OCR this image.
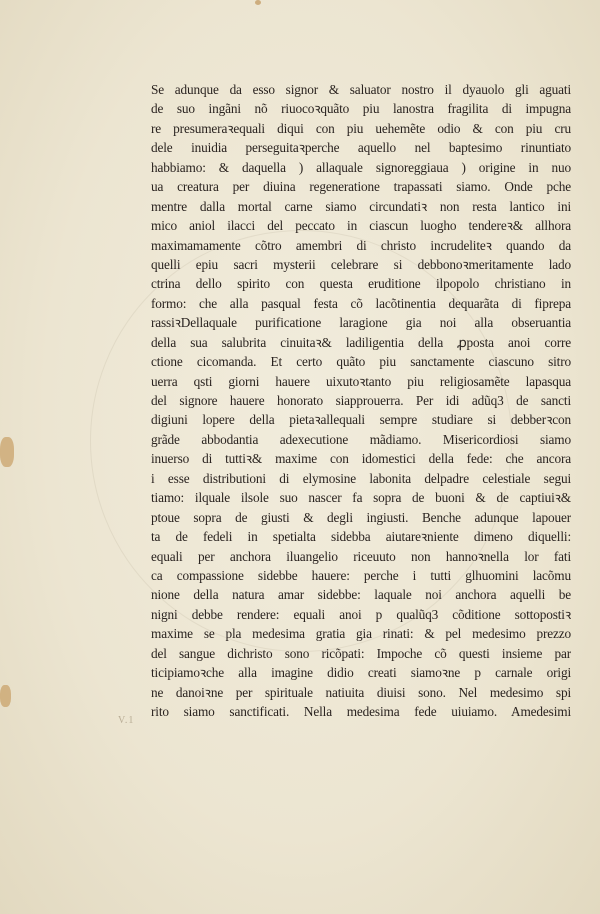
Se adunque da esso signor & saluator nostro il dyauolo gli aguati
de suo ingãni nõ riuocoꝛquãto piu lanostra fragilita di impugna
re presumeraꝛequali diqui con piu uehemẽte odio & con piu cru
dele inuidia perseguitaꝛperche aquello nel baptesimo rinuntiato
habbiamo: & daquella ) allaquale signoreggiaua ) origine in nuo
ua creatura per diuina regeneratione trapassati siamo. Onde pche
mentre dalla mortal carne siamo circundatiꝛ non resta lantico ini
mico aniol ilacci del peccato in ciascun luogho tendereꝛ& allhora
maximamamente cõtro amembri di christo incrudeliteꝛ quando da
quelli epiu sacri mysterii celebrare si debbonoꝛmeritamente lado
ctrina dello spirito con questa eruditione ilpopolo christiano in
formo: che alla pasqual festa cõ lacõtinentia dequarãta di fiprepa
rassiꝛDellaquale purificatione laragione gia noi alla obseruantia
della sua salubrita cinuitaꝛ& ladiligentia della ꝓposta anoi corre
ctione cicomanda. Et certo quãto piu sanctamente ciascuno sitro
uerra qsti giorni hauere uixutoꝛtanto piu religiosamẽte lapasqua
del signore hauere honorato siapprouerra. Per idi adũq3 de sancti
digiuni lopere della pietaꝛallequali sempre studiare si debberꝛcon
grãde abbodantia adexecutione mãdiamo. Misericordiosi siamo
inuerso di tuttiꝛ& maxime con idomestici della fede: che ancora
i esse distributioni di elymosine labonita delpadre celestiale segui
tiamo: ilquale ilsole suo nascer fa sopra de buoni & de captiuiꝛ&
ptoue sopra de giusti & degli ingiusti. Benche adunque lapouer
ta de fedeli in spetialta sidebba aiutareꝛniente dimeno diquelli:
equali per anchora iluangelio riceuuto non hannoꝛnella lor fati
ca compassione sidebbe hauere: perche i tutti glhuomini lacõmu
nione della natura amar sidebbe: laquale noi anchora aquelli be
nigni debbe rendere: equali anoi p qualũq3 cõditione sottopostiꝛ
maxime se pla medesima gratia gia rinati: & pel medesimo prezzo
del sangue dichristo sono ricõpati: Impoche cõ questi insieme par
ticipiamoꝛche alla imagine didio creati siamoꝛne p carnale origi
ne danoiꝛne per spirituale natiuita diuisi sono. Nel medesimo spi
rito siamo sanctificati. Nella medesima fede uiuiamo. Amedesimi
V.1
